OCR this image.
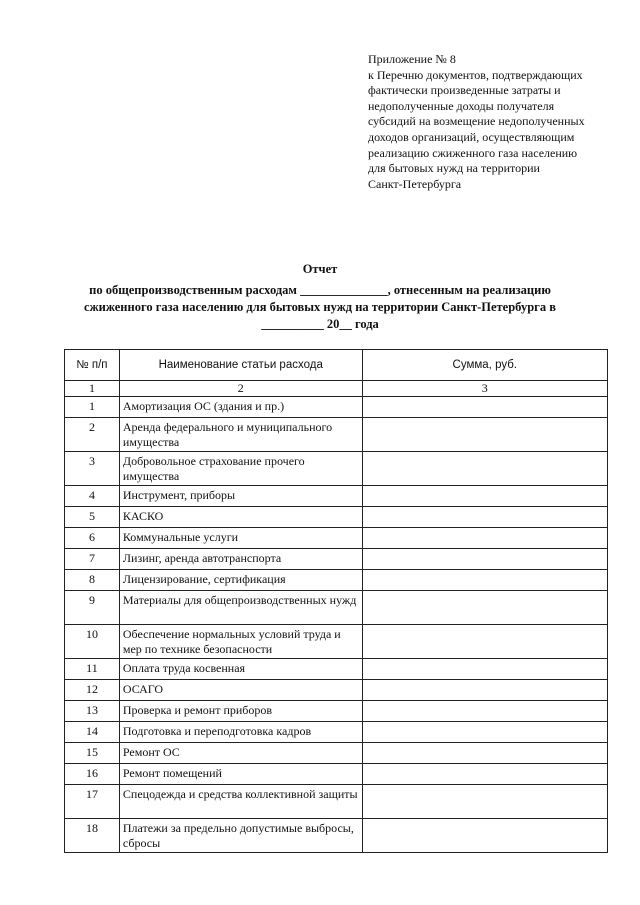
Приложение № 8
к Перечню документов, подтверждающих
фактически произведенные затраты и
недополученные доходы получателя
субсидий на возмещение недополученных
доходов организаций, осуществляющим
реализацию сжиженного газа населению
для бытовых нужд на территории
Санкт-Петербурга
Отчет
по общепроизводственным расходам ______________, отнесенным на реализацию
сжиженного газа населению для бытовых нужд на территории Санкт-Петербурга в
__________ 20__ года
№ п/п	Наименование статьи расхода	Сумма, руб.
1	2	3
1	Амортизация ОС (здания и пр.)	
2	Аренда федерального и муниципального имущества	
3	Добровольное страхование прочего имущества	
4	Инструмент, приборы	
5	КАСКО	
6	Коммунальные услуги	
7	Лизинг, аренда автотранспорта	
8	Лицензирование, сертификация	
9	Материалы для общепроизводственных нужд	
10	Обеспечение нормальных условий труда и мер по технике безопасности	
11	Оплата труда косвенная	
12	ОСАГО	
13	Проверка и ремонт приборов	
14	Подготовка и переподготовка кадров	
15	Ремонт ОС	
16	Ремонт помещений	
17	Спецодежда и средства коллективной защиты	
18	Платежи за предельно допустимые выбросы, сбросы	
